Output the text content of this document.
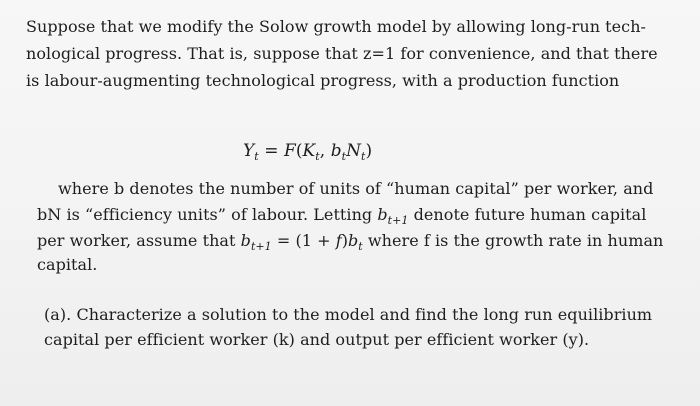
Suppose that we modify the Solow growth model by allowing long-run tech-
nological progress. That is, suppose that z=1 for convenience, and that there
is labour-augmenting technological progress, with a production function
$Y_t = F(K_t$, $b_tN_t$)
where b denotes the number of units of “human capital” per worker, and
bN is “efficiency units” of labour. Letting $b_{t+1}$ denote future human capital
per worker, assume that $b_{t+1} = (1 + f)b_t$ where f is the growth rate in human
capital.
(a). Characterize a solution to the model and find the long run equilibrium
capital per efficient worker (k) and output per efficient worker (y).
